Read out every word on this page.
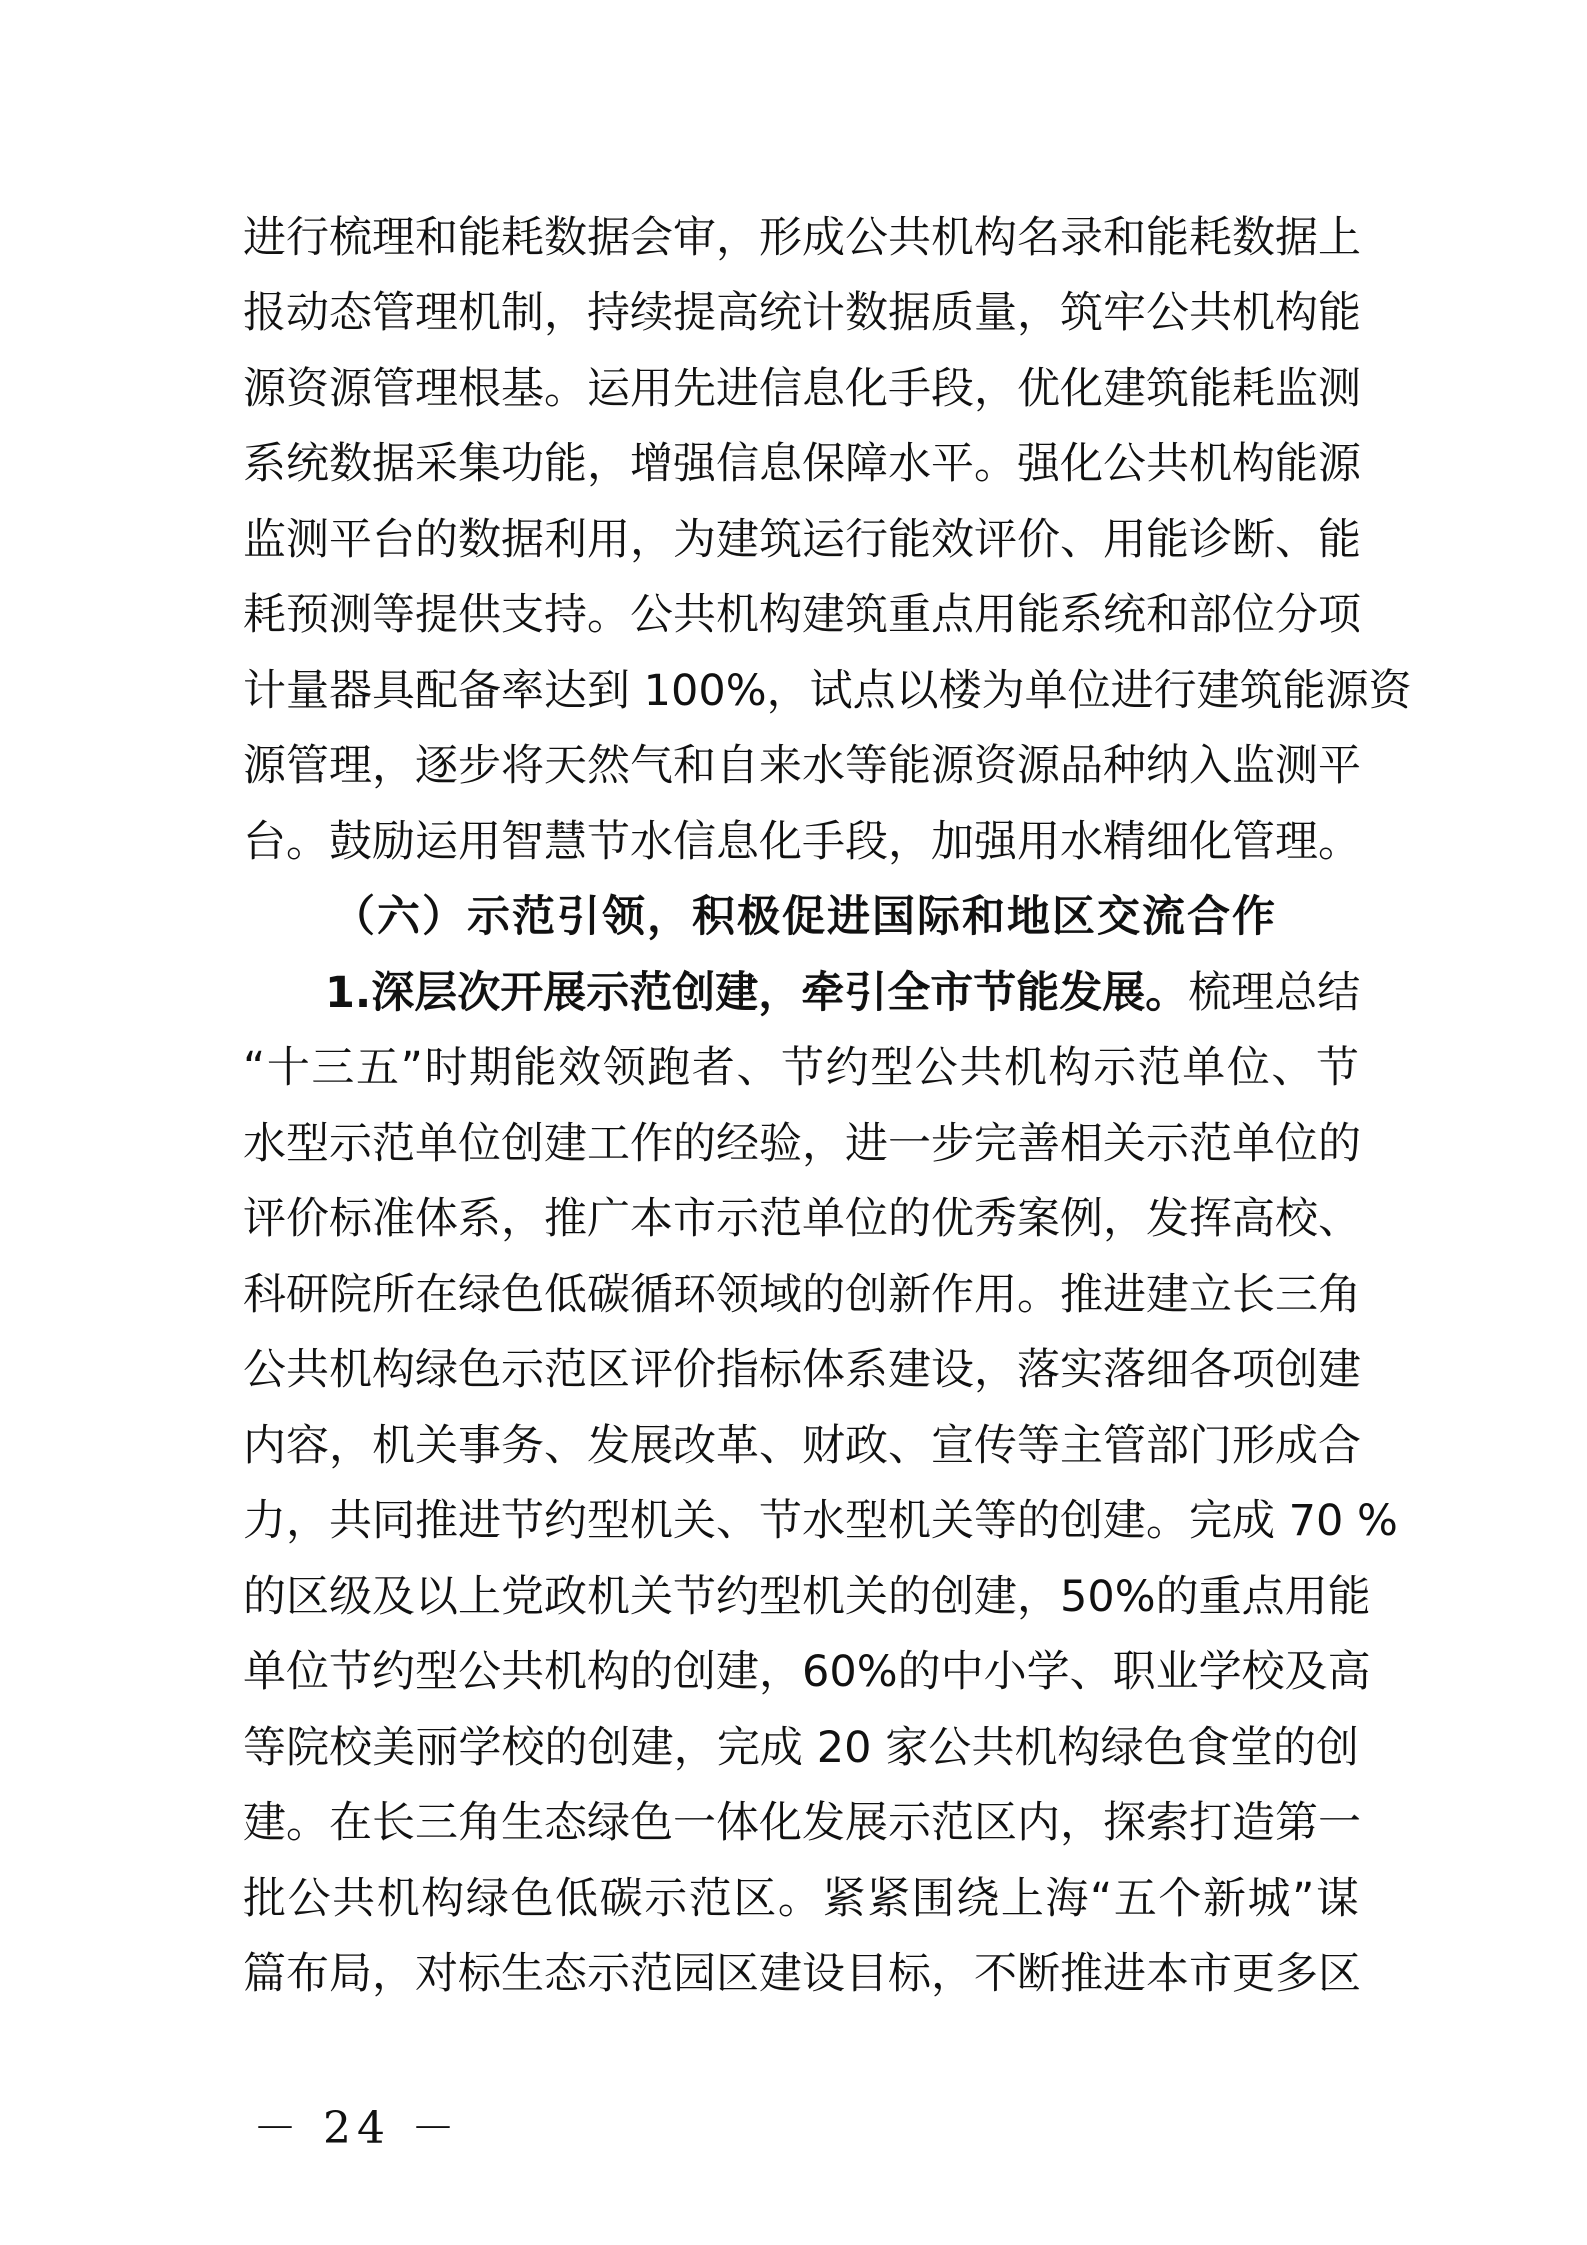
进行梳理和能耗数据会审，形成公共机构名录和能耗数据上
报动态管理机制，持续提高统计数据质量，筑牢公共机构能
源资源管理根基。运用先进信息化手段，优化建筑能耗监测
系统数据采集功能，增强信息保障水平。强化公共机构能源
监测平台的数据利用，为建筑运行能效评价、用能诊断、能
耗预测等提供支持。公共机构建筑重点用能系统和部位分项
计量器具配备率达到 100%，试点以楼为单位进行建筑能源资
源管理，逐步将天然气和自来水等能源资源品种纳入监测平
台。鼓励运用智慧节水信息化手段，加强用水精细化管理。
（六）示范引领，积极促进国际和地区交流合作
1.深层次开展示范创建，牵引全市节能发展。梳理总结
“十三五”时期能效领跑者、节约型公共机构示范单位、节
水型示范单位创建工作的经验，进一步完善相关示范单位的
评价标准体系，推广本市示范单位的优秀案例，发挥高校、
科研院所在绿色低碳循环领域的创新作用。推进建立长三角
公共机构绿色示范区评价指标体系建设，落实落细各项创建
内容，机关事务、发展改革、财政、宣传等主管部门形成合
力，共同推进节约型机关、节水型机关等的创建。完成 70 %
的区级及以上党政机关节约型机关的创建，50%的重点用能
单位节约型公共机构的创建，60%的中小学、职业学校及高
等院校美丽学校的创建，完成 20 家公共机构绿色食堂的创
建。在长三角生态绿色一体化发展示范区内，探索打造第一
批公共机构绿色低碳示范区。紧紧围绕上海“五个新城”谋
篇布局，对标生态示范园区建设目标，不断推进本市更多区
－ 24 －
